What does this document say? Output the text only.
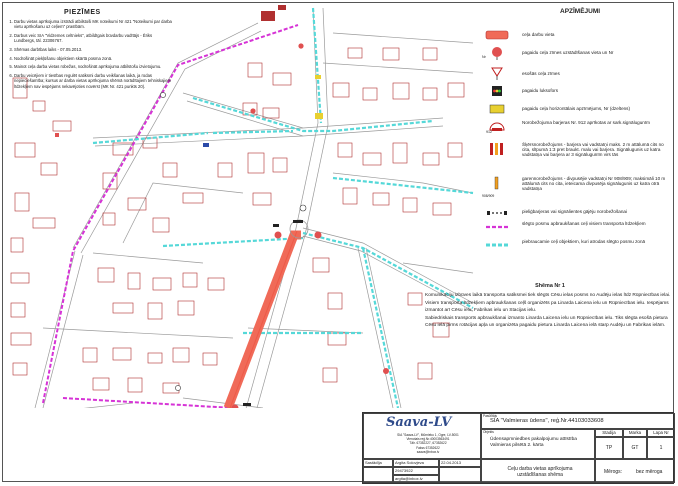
PIEZĪMES
1. Darbu vietas aprīkojuma izstrādi atbilstoši MK noteikumi Nr 421 "Noteikumi par darba vietu aprīkošanu uz ceļiem" prasībām.
2. Darbus veic SIA "Vidzemes celtnieks", atbildīgais būvdarbu vadītājs - Ēriks Lundbergs, tāl. 22306767.
3. Shēmas darbības laiks - 07.05.2013.
4. Nodrošināt piekļūšanu objektiem skārtā posma zonā.
5. Mainot ceļa darba vietas robežas, nodrošināt aprīkojuma atbilstošu izvietojumu.
6. Darbu veicējiem ir tiesības regulēt satiksmi darbu veikšanas laikā, ja rodas nepieciešamība; kursus ar darba vietas aprīkojuma shēmā norādītajiem tehniskajiem līdzekļiem nav iespējams nekavējoties novērst (MK Nr. 421 punkts 20).
APZĪMĒJUMI
ceļa darbu vieta
pagaidu ceļa zīmes uzstādīšanas vieta un Nr
Nr
esošās ceļa zīmes
pagaidu luksofors
pagaidu ceļa horizontālais apzīmējums, Nr (dzeltens)
Norobežojuma barjeras Nr. 912 aprīkotas ar sark.signālugunīm
912
Šķērsnorobežojums - barjera vai vadstatņi maks. 2 m attālumā cits no cita, slīpumā 1:3 pret braukt. malu vai barjera. Signālugunis uz katra vadstatņa vai barjera ar 3 signālugunīm virs tās
garennorobežojums - divpusējie vadstatņi Nr 908/909; maksimāli 10 m attālumā cits no cita, ieteicama divpusēja signālugunis uz katra otrā vadstatņa
908/909
pieliģbarjeras vai signālientes gājēju norobežošanai
slēgto posmu apbraukšanas ceļi visiem transporta līdzekļiem
piebraucamie ceļi objektiem, kuri atrodas slēgto posmu zonā
Shēma Nr 1

Komunikāciju izbūves laikā transporta satiksmei tiek slēgts Cēsu ielas posms no Audēju ielas līdz Rūpniecības ielai.

Visiem transporta līdzekļiem apbraukšanas ceļš organizēts pa Linarda Laicena ielu un Rūpniecības ielu. Iespējams izmantot arī Cēsu ielu, Fabrikas ielu un Stacijas ielu.

Sabiedriskais transports apbraukšanai izmanto Linarda Laicena ielu un Rūpniecības ielu. Tiks slēgta esošā pietura Cēsu ielā pirms rotācijas apļa un organizēta pagaidu pietura Linarda Laicena ielā starp Audēju un Fabrikas ielām.

Saava-LV
SIA "Saava-LV", Mūrnieku 1, Ogre, LV-5001
Vienotais reģ.Nr.40003563491
Tālr. 67352227, 67352622
Fakss 67352622
saava@inbox.lv
Pasūtītājs
SIA "Valmieras ūdens", reģ.Nr.44103033608
Objekts
Ūdensapmniedbes pakalpojumu attīstība Valmieras pilsētā 2. kārta
Stadija	Marka	Lapa Nr
TP	GT	1
Sastādīja	Argita Solovjeva	22.04.2013
29473922
argita@inbox.lv
Ceļu darba vietas aprīkojuma uzstādīšanas shēma
Mērogs:	bez mēroga
